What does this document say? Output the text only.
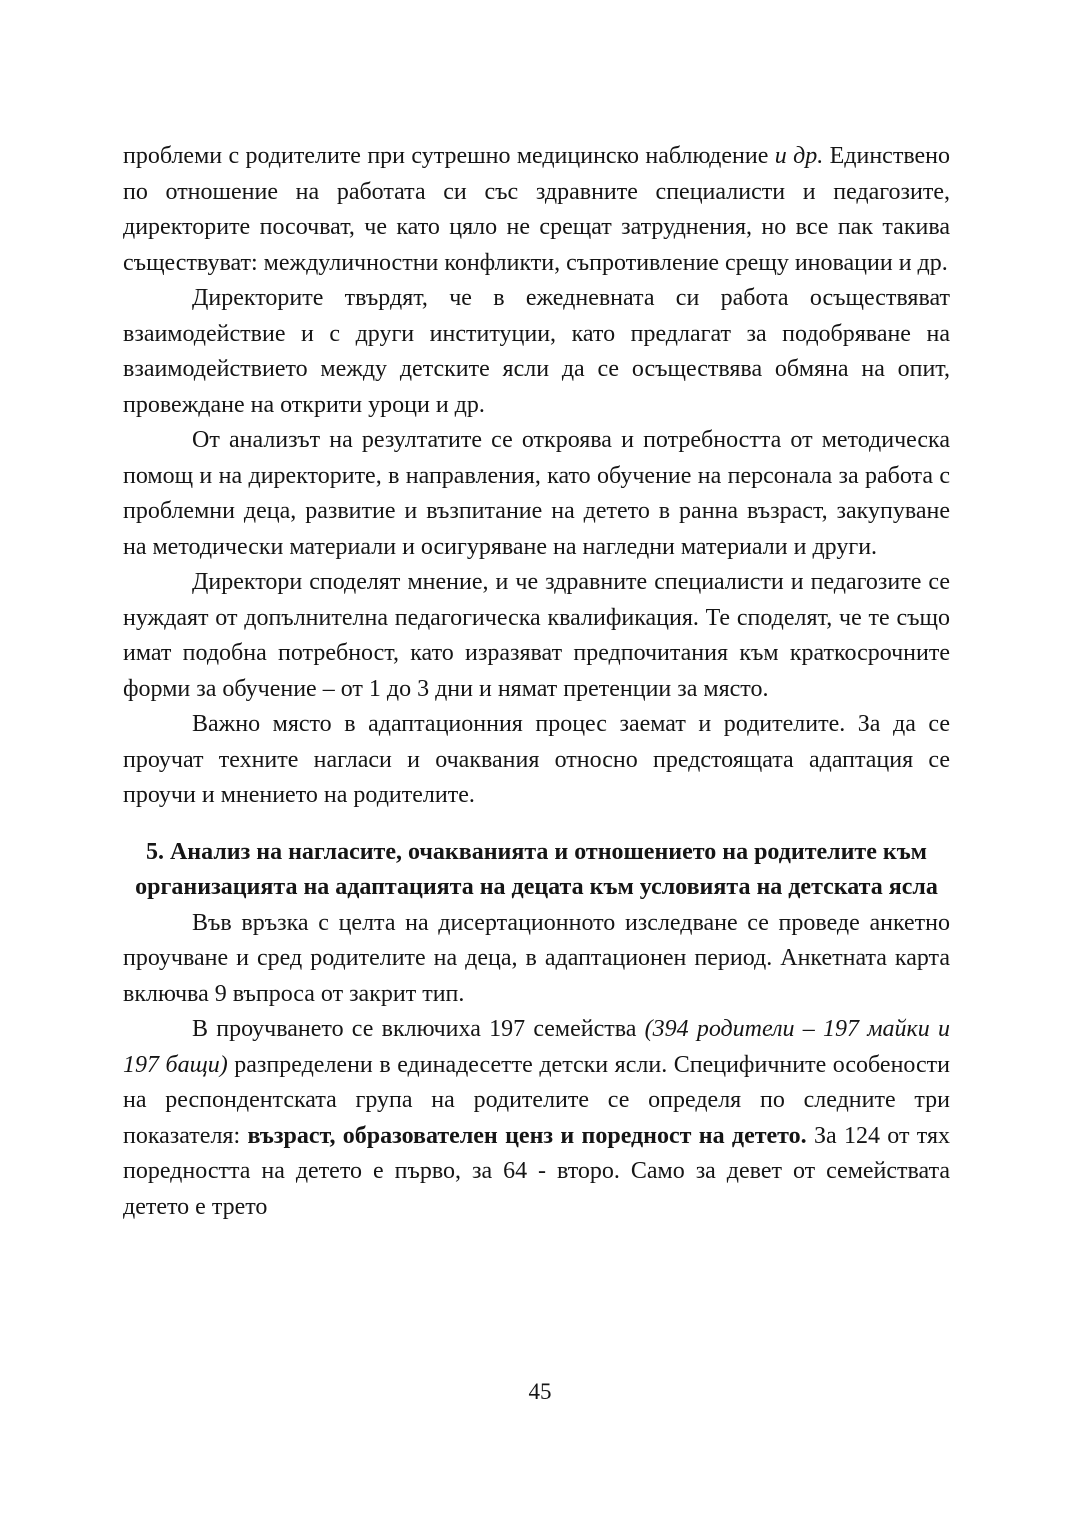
проблеми с родителите при сутрешно медицинско наблюдение и др. Единствено по отношение на работата си със здравните специалисти и педагозите, директорите посочват, че като цяло не срещат затруднения, но все пак такива съществуват: междуличностни конфликти, съпротивление срещу иновации и др.

Директорите твърдят, че в ежедневната си работа осъществяват взаимодействие и с други институции, като предлагат за подобряване на взаимодействието между детските ясли да се осъществява обмяна на опит, провеждане на открити уроци и др.

От анализът на резултатите се откроява и потребността от методическа помощ и на директорите, в направления, като обучение на персонала за работа с проблемни деца, развитие и възпитание на детето в ранна възраст, закупуване на методически материали и осигуряване на нагледни материали и други.

Директори споделят мнение, и че здравните специалисти и педагозите се нуждаят от допълнителна педагогическа квалификация. Те споделят, че те също имат подобна потребност, като изразяват предпочитания към краткосрочните форми за обучение – от 1 до 3 дни и нямат претенции за място.

Важно място в адаптационния процес заемат и родителите. За да се проучат техните нагласи и очаквания относно предстоящата адаптация се проучи и мнението на родителите.

5. Анализ на нагласите, очакванията и отношението на родителите към организацията на адаптацията на децата към условията на детската ясла

Във връзка с целта на дисертационното изследване се проведе анкетно проучване и сред родителите на деца, в адаптационен период. Анкетната карта включва 9 въпроса от закрит тип.

В проучването се включиха 197 семейства (394 родители – 197 майки и 197 бащи) разпределени в единадесетте детски ясли. Специфичните особености на респондентската група на родителите се определя по следните три показателя: възраст, образователен ценз и поредност на детето. За 124 от тях поредността на детето е първо, за 64 - второ. Само за девет от семействата детето е трето

45
